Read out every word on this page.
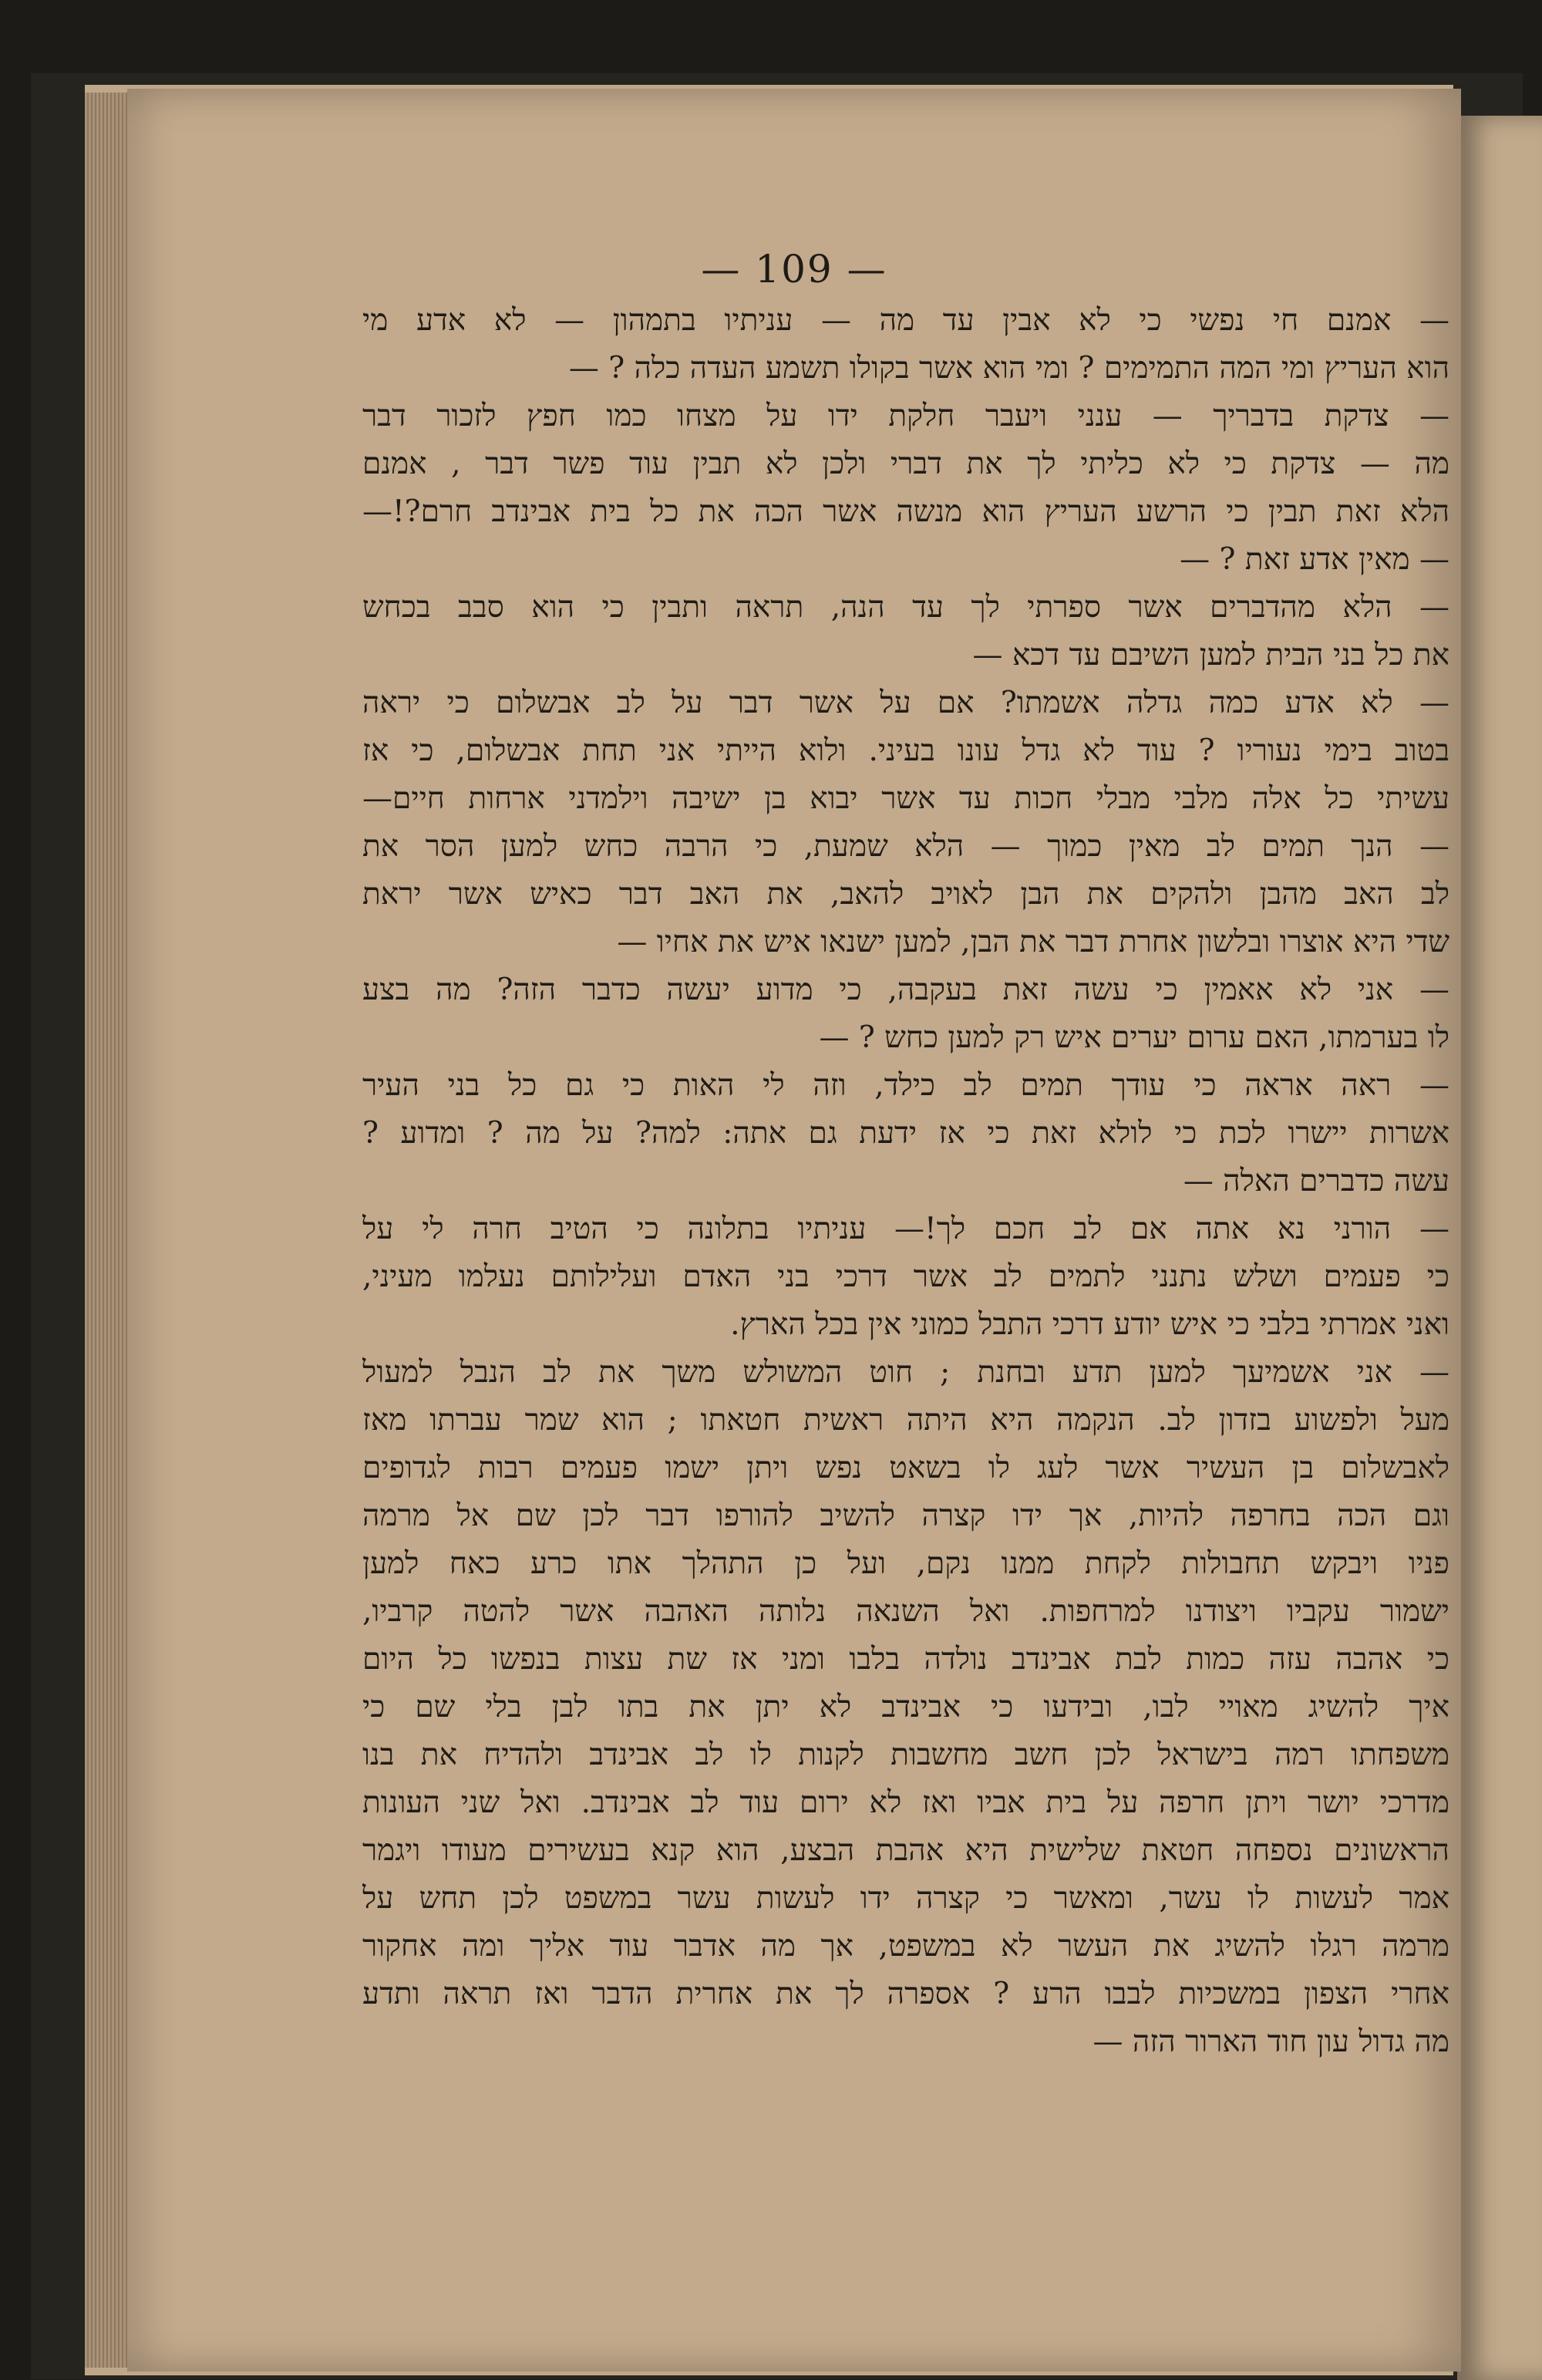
— 109 —
— אמנם חי נפשי כי לא אבין עד מה — עניתיו בתמהון — לא אדע מי
הוא העריץ ומי המה התמימים ? ומי הוא אשר בקולו תשמע העדה כלה ? —
— צדקת בדבריך — ענני ויעבר חלקת ידו על מצחו כמו חפץ לזכור דבר
מה — צדקת כי לא כליתי לך את דברי ולכן לא תבין עוד פשר דבר , אמנם
הלא זאת תבין כי הרשע העריץ הוא מנשה אשר הכה את כל בית אבינדב חרם?!—
— מאין אדע זאת ? —
— הלא מהדברים אשר ספרתי לך עד הנה, תראה ותבין כי הוא סבב בכחש
את כל בני הבית למען השיבם עד דכא —
— לא אדע כמה גדלה אשמתו? אם על אשר דבר על לב אבשלום כי יראה
בטוב בימי נעוריו ? עוד לא גדל עונו בעיני. ולוא הייתי אני תחת אבשלום, כי אז
עשיתי כל אלה מלבי מבלי חכות עד אשר יבוא בן ישיבה וילמדני ארחות חיים—
— הנך תמים לב מאין כמוך — הלא שמעת, כי הרבה כחש למען הסר את
לב האב מהבן ולהקים את הבן לאויב להאב, את האב דבר כאיש אשר יראת
שדי היא אוצרו ובלשון אחרת דבר את הבן, למען ישנאו איש את אחיו —
— אני לא אאמין כי עשה זאת בעקבה, כי מדוע יעשה כדבר הזה? מה בצע
לו בערמתו, האם ערום יערים איש רק למען כחש ? —
— ראה אראה כי עודך תמים לב כילד, וזה לי האות כי גם כל בני העיר
אשרות יישרו לכת כי לולא זאת כי אז ידעת גם אתה: למה? על מה ? ומדוע ?
עשה כדברים האלה —
— הורני נא אתה אם לב חכם לך!— עניתיו בתלונה כי הטיב חרה לי על
כי פעמים ושלש נתנני לתמים לב אשר דרכי בני האדם ועלילותם נעלמו מעיני,
ואני אמרתי בלבי כי איש יודע דרכי התבל כמוני אין בכל הארץ.
— אני אשמיעך למען תדע ובחנת ; חוט המשולש משך את לב הנבל למעול
מעל ולפשוע בזדון לב. הנקמה היא היתה ראשית חטאתו ; הוא שמר עברתו מאז
לאבשלום בן העשיר אשר לעג לו בשאט נפש ויתן ישמו פעמים רבות לגדופים
וגם הכה בחרפה להיות, אך ידו קצרה להשיב להורפו דבר לכן שם אל מרמה
פניו ויבקש תחבולות לקחת ממנו נקם, ועל כן התהלך אתו כרע כאח למען
ישמור עקביו ויצודנו למרחפות. ואל השנאה נלותה האהבה אשר להטה קרביו,
כי אהבה עזה כמות לבת אבינדב נולדה בלבו ומני אז שת עצות בנפשו כל היום
איך להשיג מאויי לבו, ובידעו כי אבינדב לא יתן את בתו לבן בלי שם כי
משפחתו רמה בישראל לכן חשב מחשבות לקנות לו לב אבינדב ולהדיח את בנו
מדרכי יושר ויתן חרפה על בית אביו ואז לא ירום עוד לב אבינדב. ואל שני העונות
הראשונים נספחה חטאת שלישית היא אהבת הבצע, הוא קנא בעשירים מעודו ויגמר
אמר לעשות לו עשר, ומאשר כי קצרה ידו לעשות עשר במשפט לכן תחש על
מרמה רגלו להשיג את העשר לא במשפט, אך מה אדבר עוד אליך ומה אחקור
אחרי הצפון במשכיות לבבו הרע ? אספרה לך את אחרית הדבר ואז תראה ותדע
מה גדול עון חוד הארור הזה —
